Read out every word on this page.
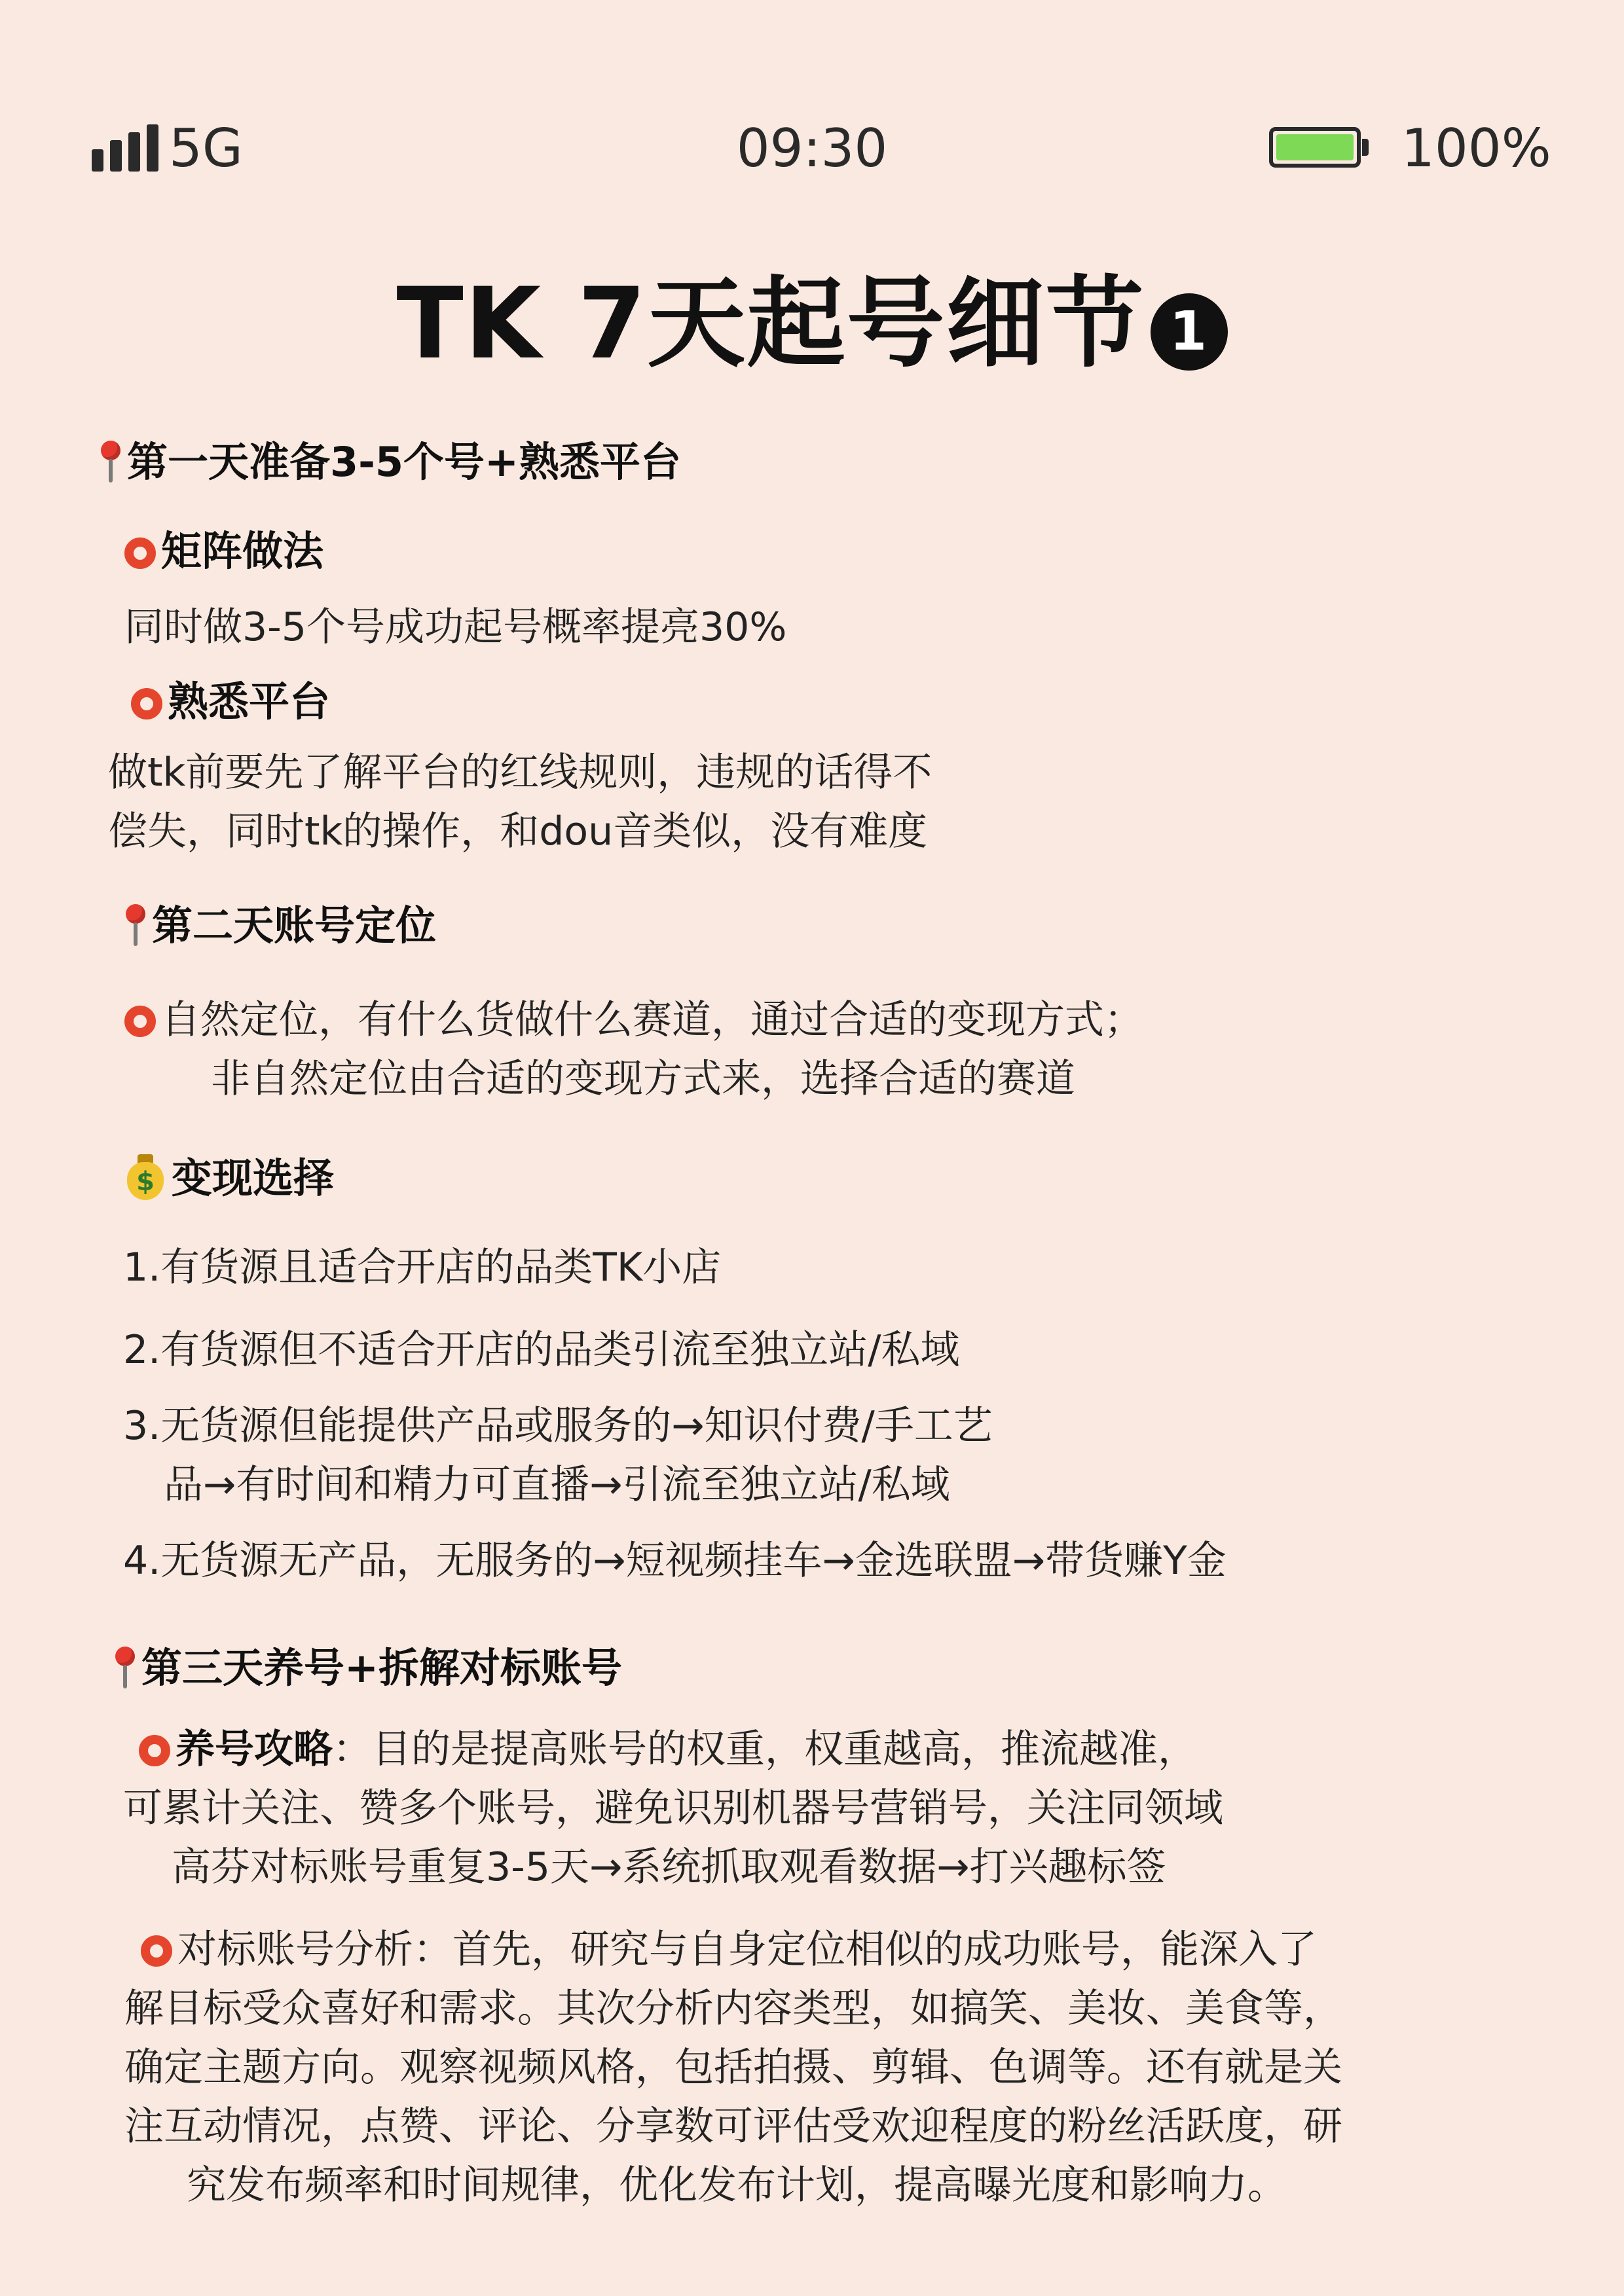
5G	09:30	100%
TK 7天起号细节 1
第一天准备3-5个号+熟悉平台
矩阵做法
同时做3-5个号成功起号概率提亮30%
熟悉平台
做tk前要先了解平台的红线规则，违规的话得不
偿失，同时tk的操作，和dou音类似，没有难度
第二天账号定位
自然定位，有什么货做什么赛道，通过合适的变现方式；
非自然定位由合适的变现方式来，选择合适的赛道
$ 变现选择
1.有货源且适合开店的品类TK小店
2.有货源但不适合开店的品类引流至独立站/私域
3.无货源但能提供产品或服务的→知识付费/手工艺
品→有时间和精力可直播→引流至独立站/私域
4.无货源无产品，无服务的→短视频挂车→金选联盟→带货赚Y金
第三天养号+拆解对标账号
养号攻略：目的是提高账号的权重，权重越高，推流越准，
可累计关注、赞多个账号，避免识别机器号营销号，关注同领域
高芬对标账号重复3-5天→系统抓取观看数据→打兴趣标签
对标账号分析：首先，研究与自身定位相似的成功账号，能深入了
解目标受众喜好和需求。其次分析内容类型，如搞笑、美妆、美食等，
确定主题方向。观察视频风格，包括拍摄、剪辑、色调等。还有就是关
注互动情况，点赞、评论、分享数可评估受欢迎程度的粉丝活跃度，研
究发布频率和时间规律，优化发布计划，提高曝光度和影响力。
